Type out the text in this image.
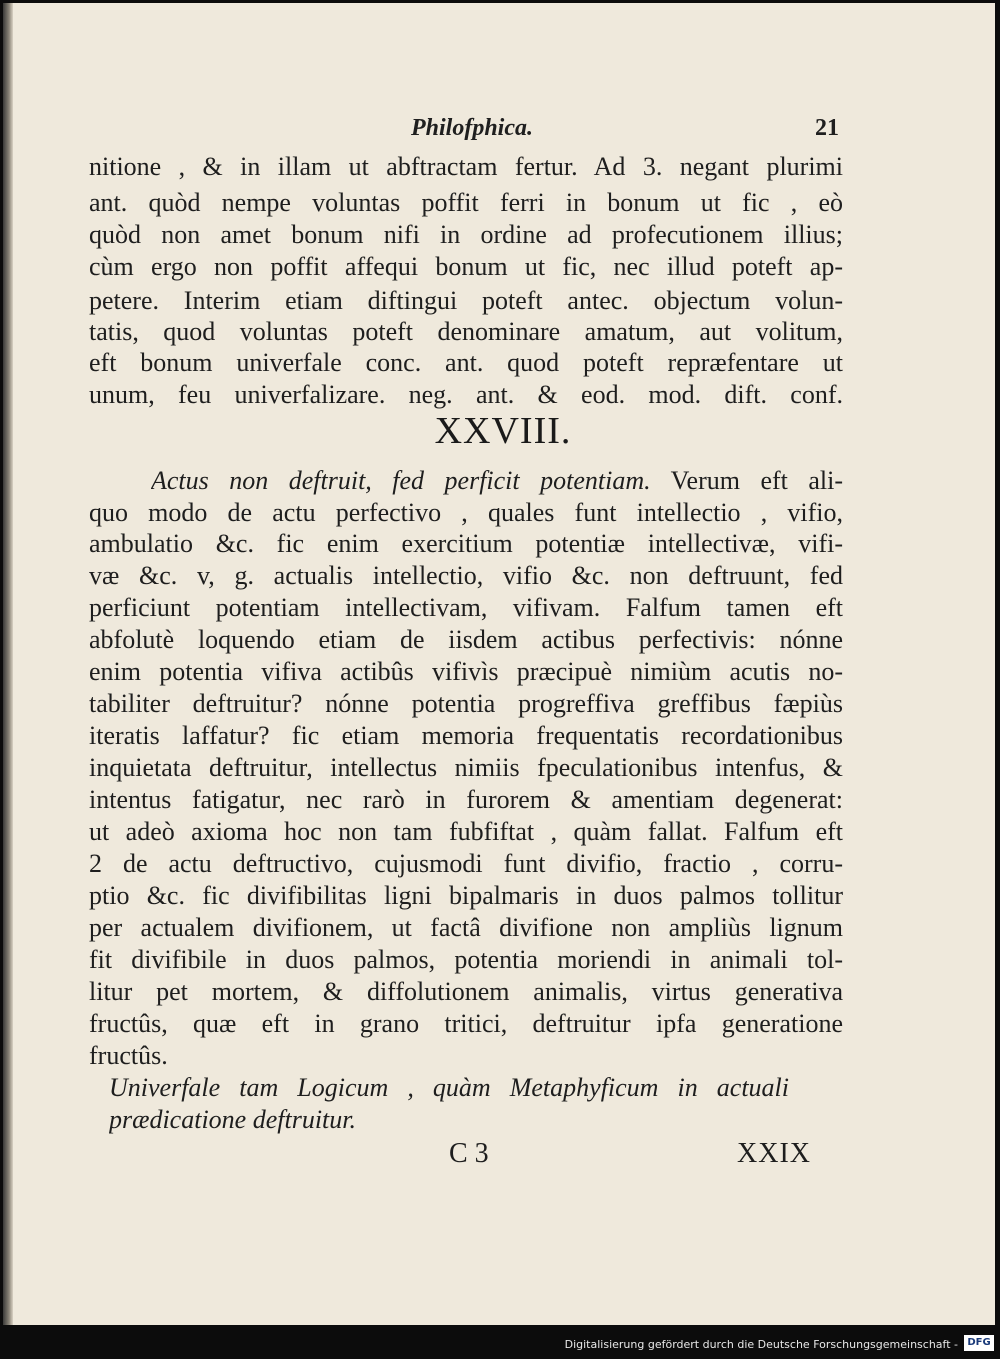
Philofphica.	21

nitione , & in illam ut abftractam fertur. Ad 3. negant plurimi

ant. quòd nempe voluntas poffit ferri in bonum ut fic , eò

quòd non amet bonum nifi in ordine ad profecutionem illius;

cùm ergo non poffit affequi bonum ut fic, nec illud poteft ap-

petere. Interim etiam diftingui poteft antec. objectum volun-

tatis, quod voluntas poteft denominare amatum, aut volitum,

eft bonum univerfale conc. ant. quod poteft repræfentare ut

unum, feu univerfalizare. neg. ant. & eod. mod. dift. conf.

XXVIII.

Actus non deftruit, fed perficit potentiam. Verum eft ali-

quo modo de actu perfectivo , quales funt intellectio , vifio,

ambulatio &c. fic enim exercitium potentiæ intellectivæ, vifi-

væ &c. v, g. actualis intellectio, vifio &c. non deftruunt, fed

perficiunt potentiam intellectivam, vifivam. Falfum tamen eft

abfolutè loquendo etiam de iisdem actibus perfectivis: nónne

enim potentia vifiva actibûs vifivìs præcipuè nimiùm acutis no-

tabiliter deftruitur? nónne potentia progreffiva greffibus fæpiùs

iteratis laffatur? fic etiam memoria frequentatis recordationibus

inquietata deftruitur, intellectus nimiis fpeculationibus intenfus, &

intentus fatigatur, nec rarò in furorem & amentiam degenerat:

ut adeò axioma hoc non tam fubfiftat , quàm fallat. Falfum eft

2 de actu deftructivo, cujusmodi funt divifio, fractio , corru-

ptio &c. fic divifibilitas ligni bipalmaris in duos palmos tollitur

per actualem divifionem, ut factâ divifione non ampliùs lignum

fit divifibile in duos palmos, potentia moriendi in animali tol-

litur pet mortem, & diffolutionem animalis, virtus generativa

fructûs, quæ eft in grano tritici, deftruitur ipfa generatione

fructûs.

Univerfale tam Logicum , quàm Metaphyficum in actuali

prædicatione deftruitur.

C 3	XXIX
Digitalisierung gefördert durch die Deutsche Forschungsgemeinschaft - DFG
